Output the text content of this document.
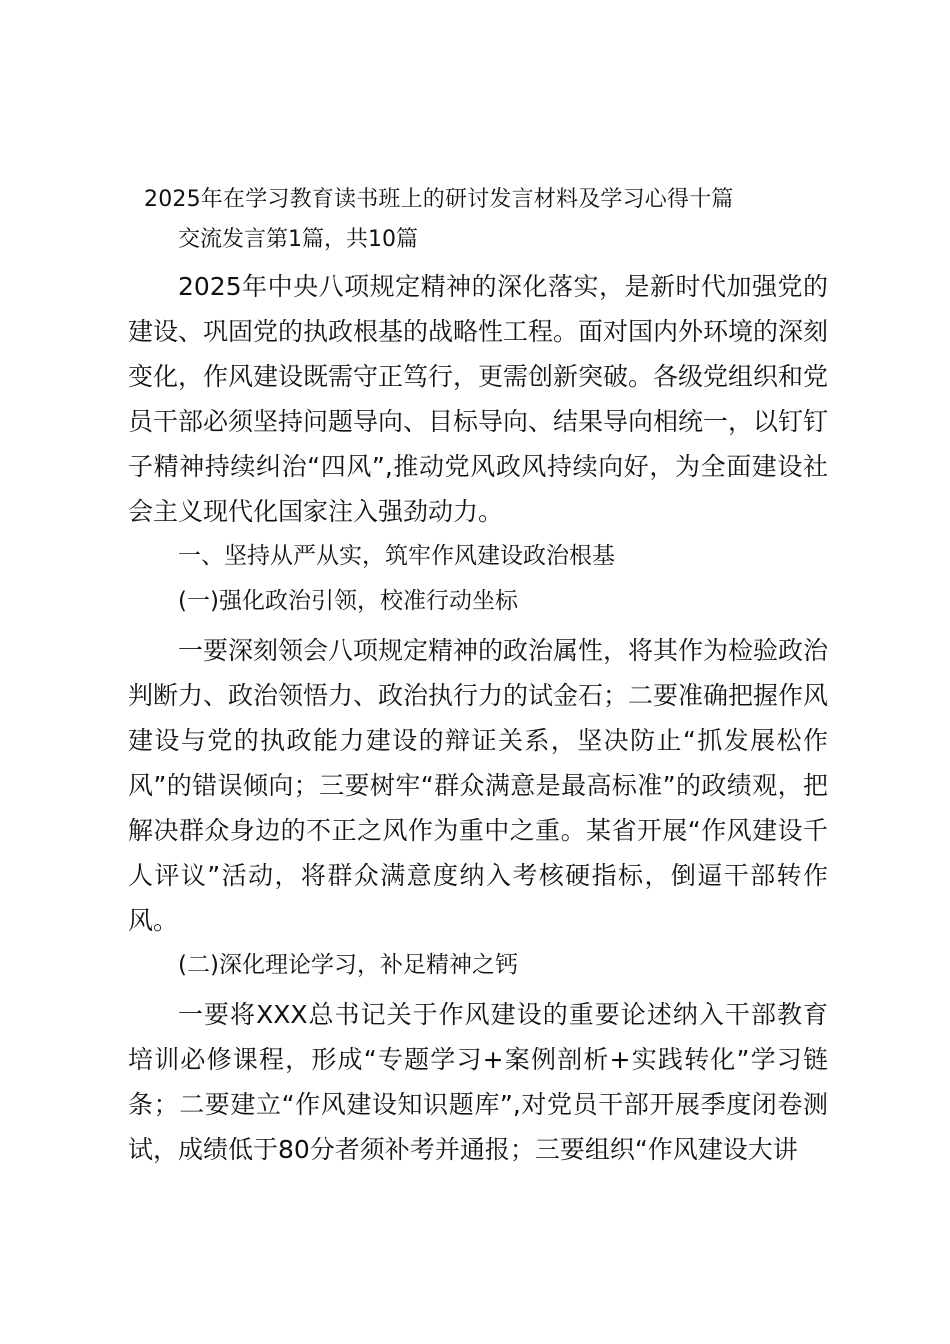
2025年在学习教育读书班上的研讨发言材料及学习心得十篇

交流发言第1篇，共10篇

2025年中央八项规定精神的深化落实，是新时代加强党的建设、巩固党的执政根基的战略性工程。面对国内外环境的深刻变化，作风建设既需守正笃行，更需创新突破。各级党组织和党员干部必须坚持问题导向、目标导向、结果导向相统一，以钉钉子精神持续纠治“四风”,推动党风政风持续向好，为全面建设社会主义现代化国家注入强劲动力。

一、坚持从严从实，筑牢作风建设政治根基

(一)强化政治引领，校准行动坐标

一要深刻领会八项规定精神的政治属性，将其作为检验政治判断力、政治领悟力、政治执行力的试金石；二要准确把握作风建设与党的执政能力建设的辩证关系，坚决防止“抓发展松作风”的错误倾向；三要树牢“群众满意是最高标准”的政绩观，把解决群众身边的不正之风作为重中之重。某省开展“作风建设千人评议”活动，将群众满意度纳入考核硬指标，倒逼干部转作风。

(二)深化理论学习，补足精神之钙

一要将XXX总书记关于作风建设的重要论述纳入干部教育培训必修课程，形成“专题学习+案例剖析+实践转化”学习链条；二要建立“作风建设知识题库”,对党员干部开展季度闭卷测试，成绩低于80分者须补考并通报；三要组织“作风建设大讲
